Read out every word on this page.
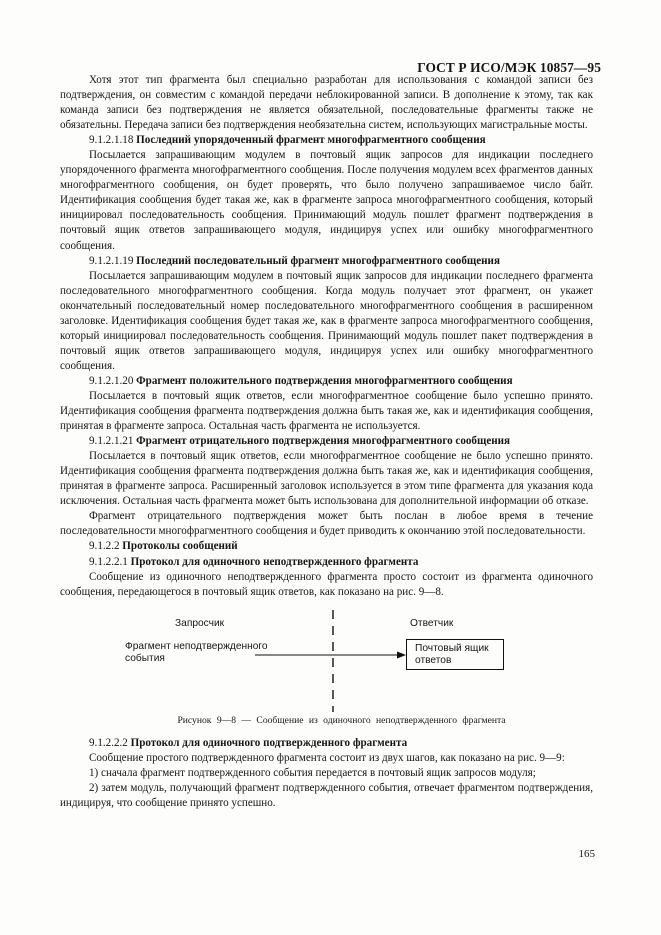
ГОСТ Р ИСО/МЭК 10857—95

Хотя этот тип фрагмента был специально разработан для использования с командой записи без подтверждения, он совместим с командой передачи неблокированной записи. В дополнение к этому, так как команда записи без подтверждения не является обязательной, последовательные фрагменты также не обязательны. Передача записи без подтверждения необязательна систем, использующих магистральные мосты.

9.1.2.1.18 Последний упорядоченный фрагмент многофрагментного сообщения

Посылается запрашивающим модулем в почтовый ящик запросов для индикации последнего упорядоченного фрагмента многофрагментного сообщения. После получения модулем всех фрагментов данных многофрагментного сообщения, он будет проверять, что было получено запрашиваемое число байт. Идентификация сообщения будет такая же, как в фрагменте запроса многофрагментного сообщения, который инициировал последовательность сообщения. Принимающий модуль пошлет фрагмент подтверждения в почтовый ящик ответов запрашивающего модуля, индицируя успех или ошибку многофрагментного сообщения.

9.1.2.1.19 Последний последовательный фрагмент многофрагментного сообщения

Посылается запрашивающим модулем в почтовый ящик запросов для индикации последнего фрагмента последовательного многофрагментного сообщения. Когда модуль получает этот фрагмент, он укажет окончательный последовательный номер последовательного многофрагментного сообщения в расширенном заголовке. Идентификация сообщения будет такая же, как в фрагменте запроса многофрагментного сообщения, который инициировал последовательность сообщения. Принимающий модуль пошлет пакет подтверждения в почтовый ящик ответов запрашивающего модуля, индицируя успех или ошибку многофрагментного сообщения.

9.1.2.1.20 Фрагмент положительного подтверждения многофрагментного сообщения

Посылается в почтовый ящик ответов, если многофрагментное сообщение было успешно принято. Идентификация сообщения фрагмента подтверждения должна быть такая же, как и идентификация сообщения, принятая в фрагменте запроса. Остальная часть фрагмента не используется.

9.1.2.1.21 Фрагмент отрицательного подтверждения многофрагментного сообщения

Посылается в почтовый ящик ответов, если многофрагментное сообщение не было успешно принято. Идентификация сообщения фрагмента подтверждения должна быть такая же, как и идентификация сообщения, принятая в фрагменте запроса. Расширенный заголовок используется в этом типе фрагмента для указания кода исключения. Остальная часть фрагмента может быть использована для дополнительной информации об отказе.

Фрагмент отрицательного подтверждения может быть послан в любое время в течение последовательности многофрагментного сообщения и будет приводить к окончанию этой последовательности.

9.1.2.2 Протоколы сообщений

9.1.2.2.1 Протокол для одиночного неподтвержденного фрагмента

Сообщение из одиночного неподтвержденного фрагмента просто состоит из фрагмента одиночного сообщения, передающегося в почтовый ящик ответов, как показано на рис. 9—8.

Запросчик	Ответчик
Фрагмент неподтвержденного
события
Почтовый ящик
ответов
Рисунок 9—8 — Сообщение из одиночного неподтвержденного фрагмента

9.1.2.2.2 Протокол для одиночного подтвержденного фрагмента

Сообщение простого подтвержденного фрагмента состоит из двух шагов, как показано на рис. 9—9:

1) сначала фрагмент подтвержденного события передается в почтовый ящик запросов модуля;

2) затем модуль, получающий фрагмент подтвержденного события, отвечает фрагментом подтверждения, индицируя, что сообщение принято успешно.

165
